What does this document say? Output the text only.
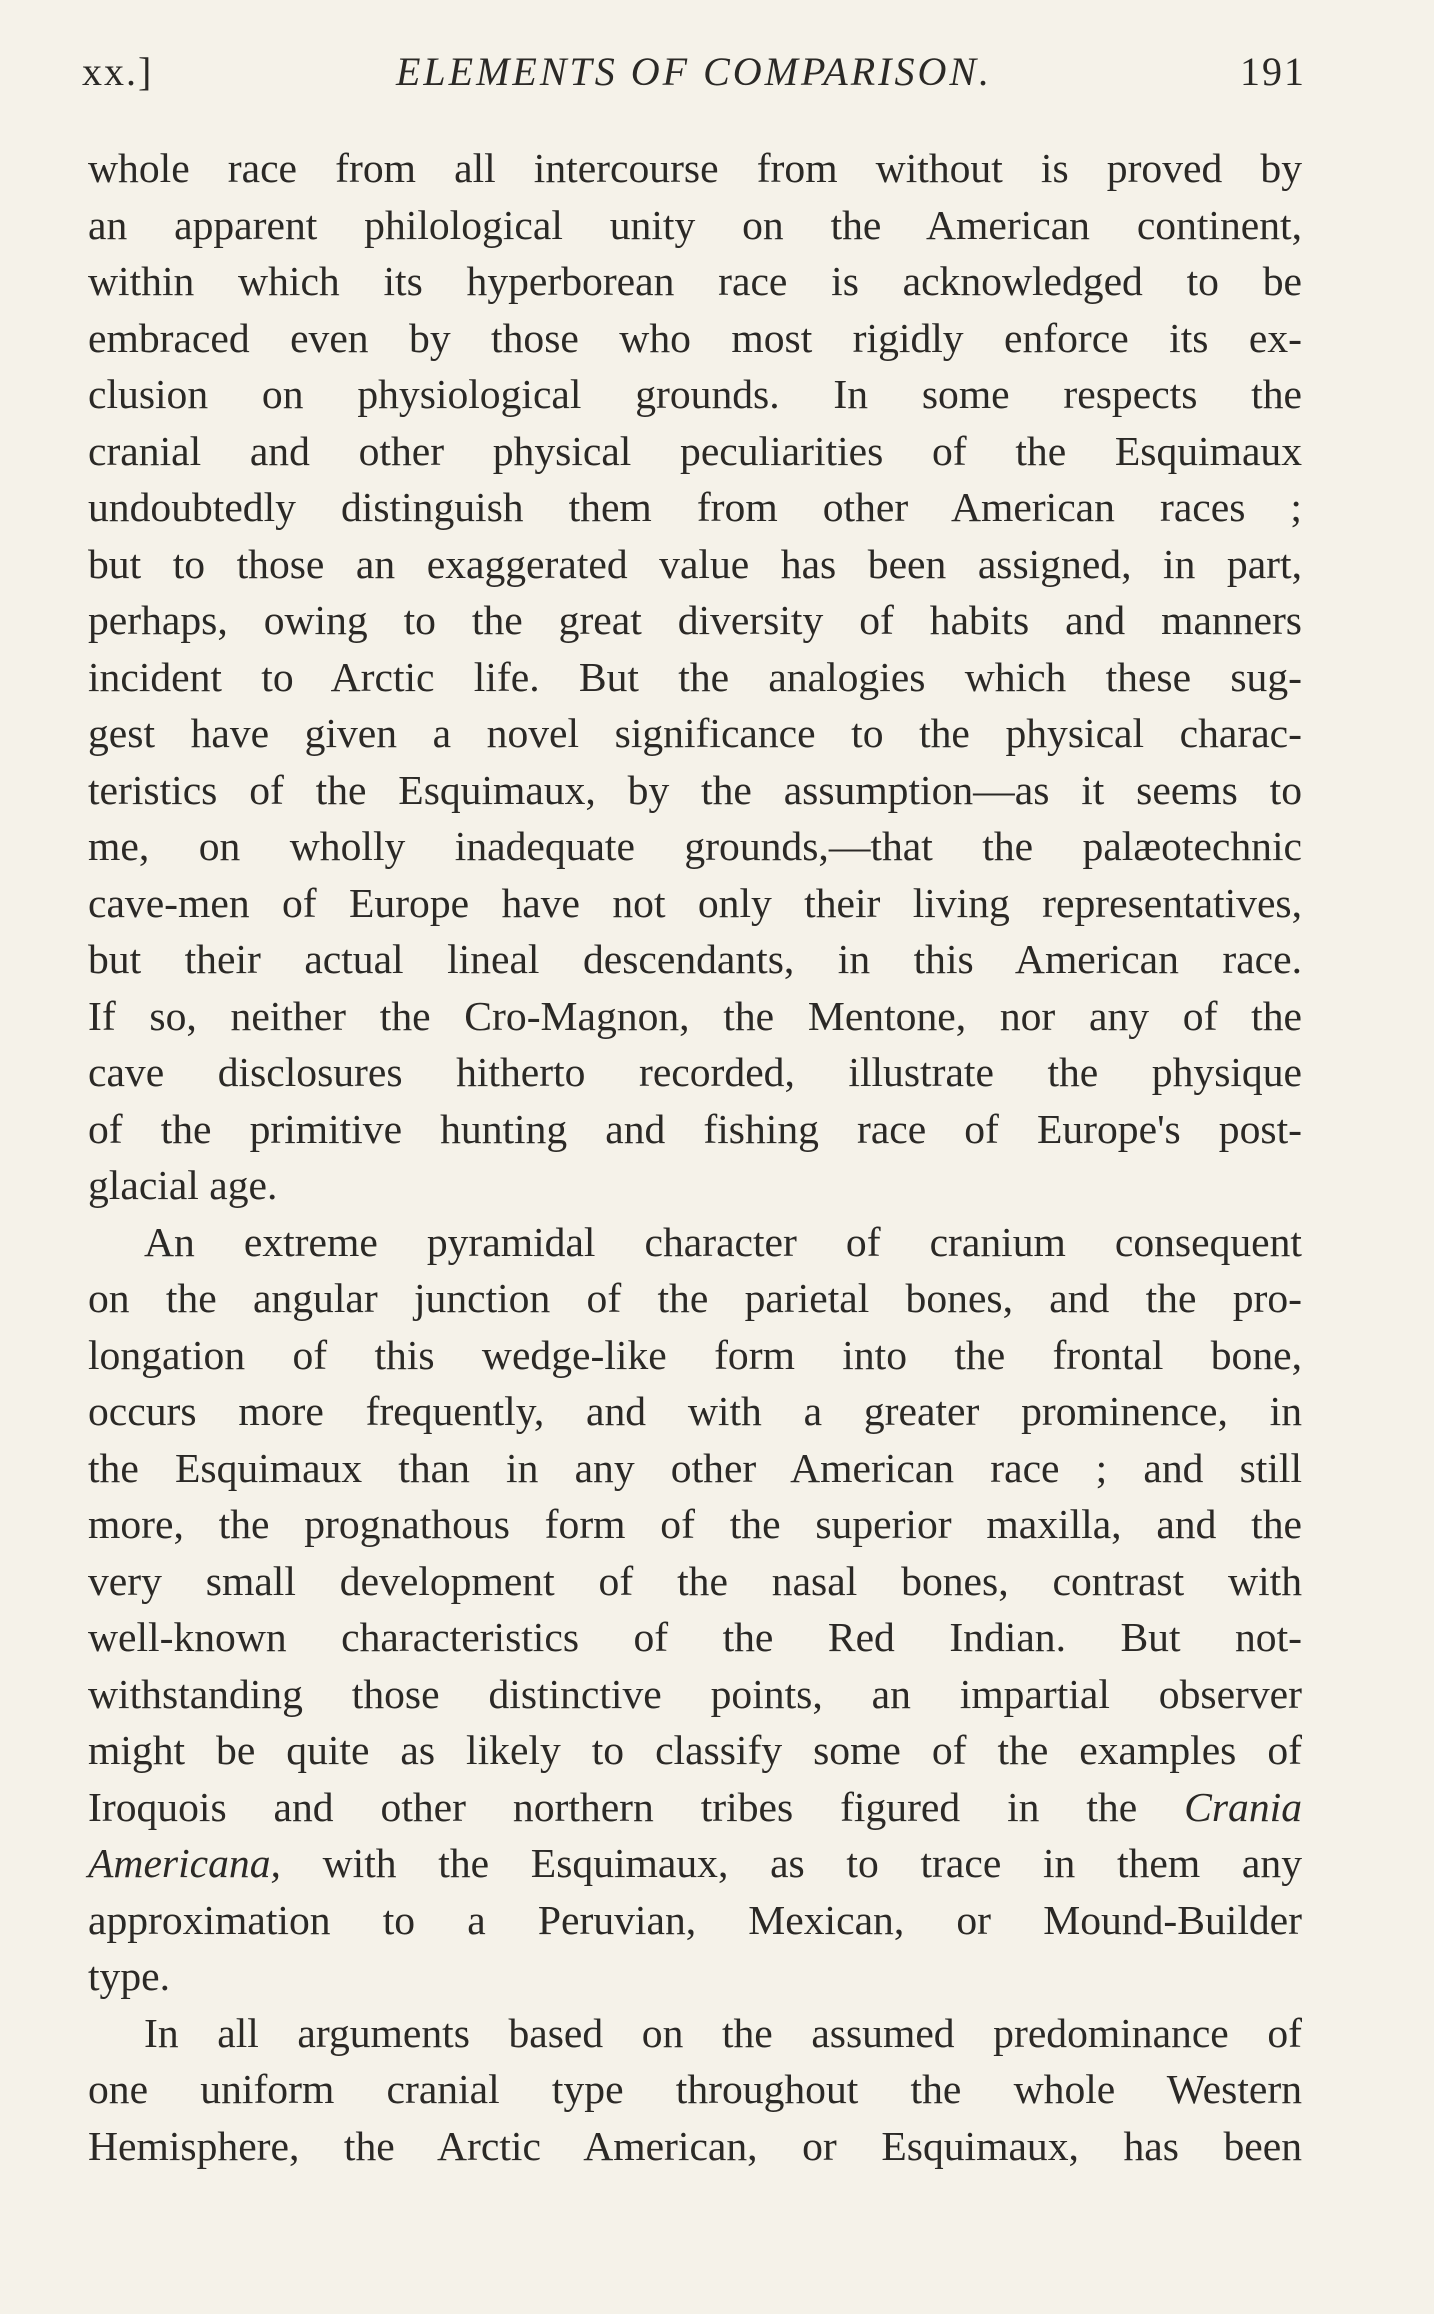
xx.]	ELEMENTS OF COMPARISON.	191
whole race from all intercourse from without is proved by
an apparent philological unity on the American continent,
within which its hyperborean race is acknowledged to be
embraced even by those who most rigidly enforce its ex-
clusion on physiological grounds. In some respects the
cranial and other physical peculiarities of the Esquimaux
undoubtedly distinguish them from other American races ;
but to those an exaggerated value has been assigned, in part,
perhaps, owing to the great diversity of habits and manners
incident to Arctic life. But the analogies which these sug-
gest have given a novel significance to the physical charac-
teristics of the Esquimaux, by the assumption—as it seems to
me, on wholly inadequate grounds,—that the palæotechnic
cave-men of Europe have not only their living representatives,
but their actual lineal descendants, in this American race.
If so, neither the Cro-Magnon, the Mentone, nor any of the
cave disclosures hitherto recorded, illustrate the physique
of the primitive hunting and fishing race of Europe's post-
glacial age.
An extreme pyramidal character of cranium consequent
on the angular junction of the parietal bones, and the pro-
longation of this wedge-like form into the frontal bone,
occurs more frequently, and with a greater prominence, in
the Esquimaux than in any other American race ; and still
more, the prognathous form of the superior maxilla, and the
very small development of the nasal bones, contrast with
well-known characteristics of the Red Indian. But not-
withstanding those distinctive points, an impartial observer
might be quite as likely to classify some of the examples of
Iroquois and other northern tribes figured in the Crania
Americana, with the Esquimaux, as to trace in them any
approximation to a Peruvian, Mexican, or Mound-Builder
type.
In all arguments based on the assumed predominance of
one uniform cranial type throughout the whole Western
Hemisphere, the Arctic American, or Esquimaux, has been
